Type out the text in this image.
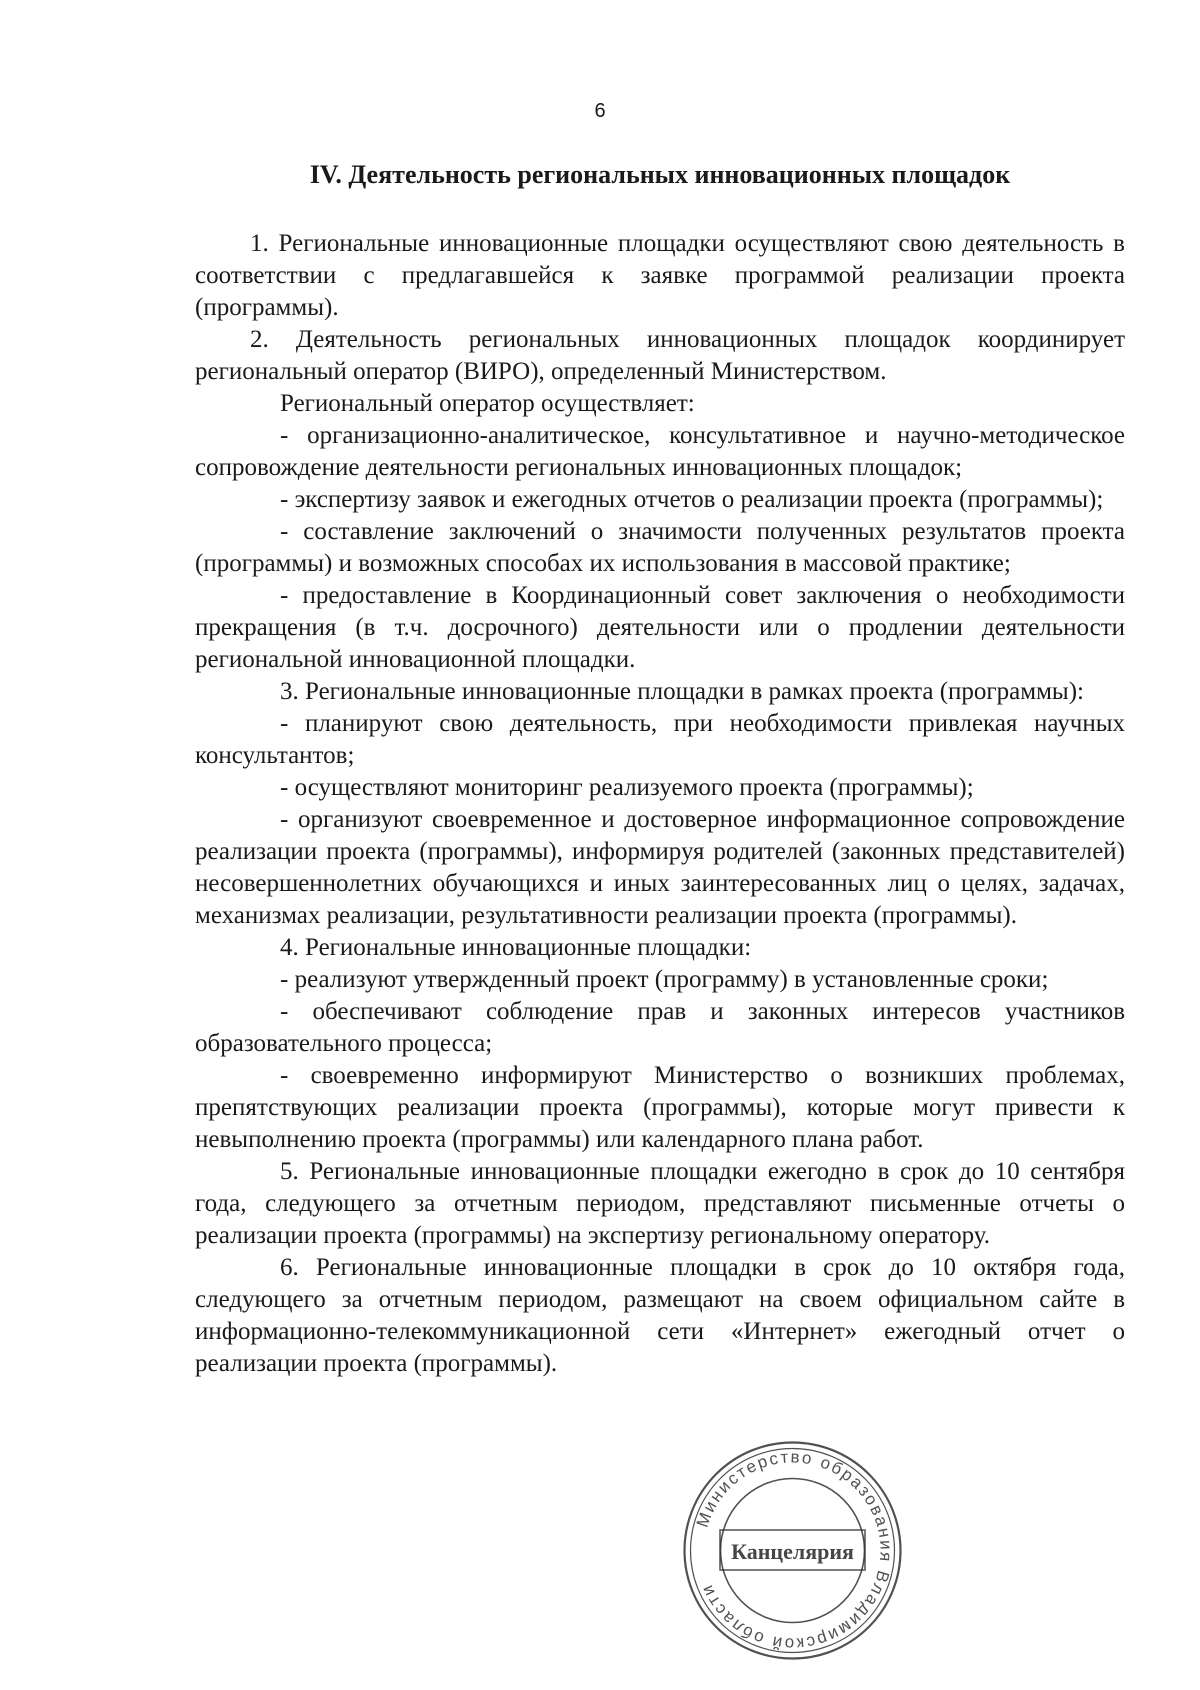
6
IV. Деятельность региональных инновационных площадок

1. Региональные инновационные площадки осуществляют свою деятельность в соответствии с предлагавшейся к заявке программой реализации проекта (программы).

2. Деятельность региональных инновационных площадок координирует региональный оператор (ВИРО), определенный Министерством.

Региональный оператор осуществляет:

- организационно-аналитическое, консультативное и научно-методическое сопровождение деятельности региональных инновационных площадок;

- экспертизу заявок и ежегодных отчетов о реализации проекта (программы);

- составление заключений о значимости полученных результатов проекта (программы) и возможных способах их использования в массовой практике;

- предоставление в Координационный совет заключения о необходимости прекращения (в т.ч. досрочного) деятельности или о продлении деятельности региональной инновационной площадки.

3. Региональные инновационные площадки в рамках проекта (программы):

- планируют свою деятельность, при необходимости привлекая научных консультантов;

- осуществляют мониторинг реализуемого проекта (программы);

- организуют своевременное и достоверное информационное сопровождение реализации проекта (программы), информируя родителей (законных представителей) несовершеннолетних обучающихся и иных заинтересованных лиц о целях, задачах, механизмах реализации, результативности реализации проекта (программы).

4. Региональные инновационные площадки:

- реализуют утвержденный проект (программу) в установленные сроки;

- обеспечивают соблюдение прав и законных интересов участников образовательного процесса;

- своевременно информируют Министерство о возникших проблемах, препятствующих реализации проекта (программы), которые могут привести к невыполнению проекта (программы) или календарного плана работ.

5. Региональные инновационные площадки ежегодно в срок до 10 сентября года, следующего за отчетным периодом, представляют письменные отчеты о реализации проекта (программы) на экспертизу региональному оператору.

6. Региональные инновационные площадки в срок до 10 октября года, следующего за отчетным периодом, размещают на своем официальном сайте в информационно-телекоммуникационной сети «Интернет» ежегодный отчет о реализации проекта (программы).

Министерство образования Владимирской области
Канцелярия
